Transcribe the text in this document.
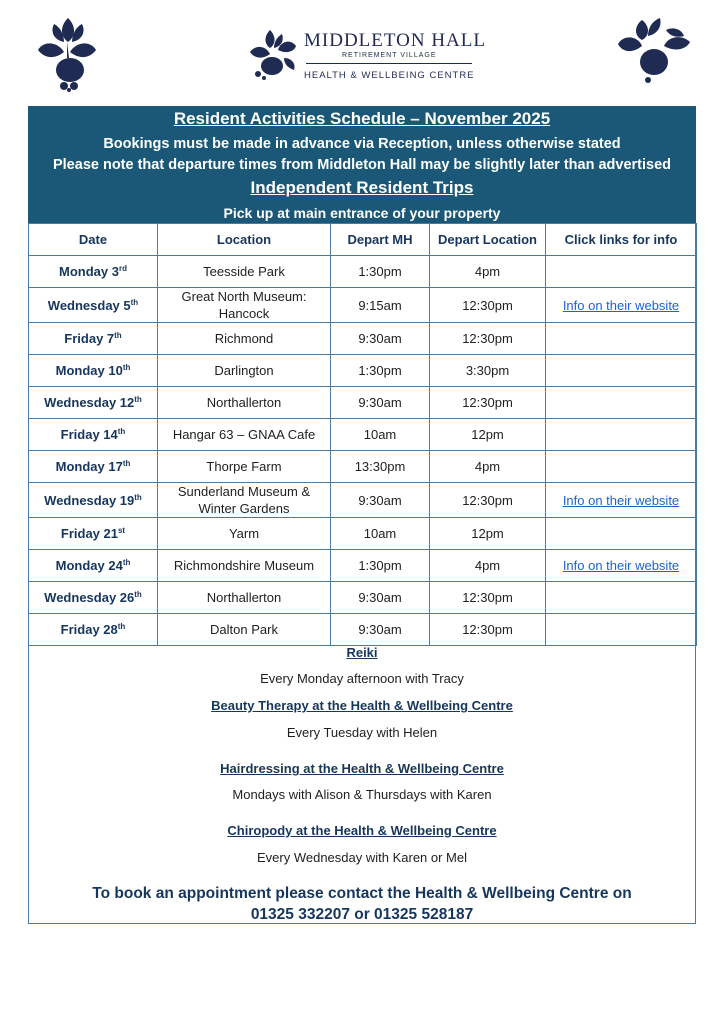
MIDDLETON HALL
RETIREMENT VILLAGE
HEALTH & WELLBEING CENTRE
Resident Activities Schedule – November 2025
Bookings must be made in advance via Reception, unless otherwise stated
Please note that departure times from Middleton Hall may be slightly later than advertised
Independent Resident Trips
Pick up at main entrance of your property
Date	Location	Depart MH	Depart Location	Click links for info
Monday 3rd	Teesside Park	1:30pm	4pm	
Wednesday 5th	Great North Museum: Hancock	9:15am	12:30pm	Info on their website
Friday 7th	Richmond	9:30am	12:30pm	
Monday 10th	Darlington	1:30pm	3:30pm	
Wednesday 12th	Northallerton	9:30am	12:30pm	
Friday 14th	Hangar 63 – GNAA Cafe	10am	12pm	
Monday 17th	Thorpe Farm	13:30pm	4pm	
Wednesday 19th	Sunderland Museum & Winter Gardens	9:30am	12:30pm	Info on their website
Friday 21st	Yarm	10am	12pm	
Monday 24th	Richmondshire Museum	1:30pm	4pm	Info on their website
Wednesday 26th	Northallerton	9:30am	12:30pm	
Friday 28th	Dalton Park	9:30am	12:30pm	
Reiki
Every Monday afternoon with Tracy
Beauty Therapy at the Health & Wellbeing Centre
Every Tuesday with Helen
Hairdressing at the Health & Wellbeing Centre
Mondays with Alison & Thursdays with Karen
Chiropody at the Health & Wellbeing Centre
Every Wednesday with Karen or Mel
To book an appointment please contact the Health & Wellbeing Centre on
01325 332207 or 01325 528187
